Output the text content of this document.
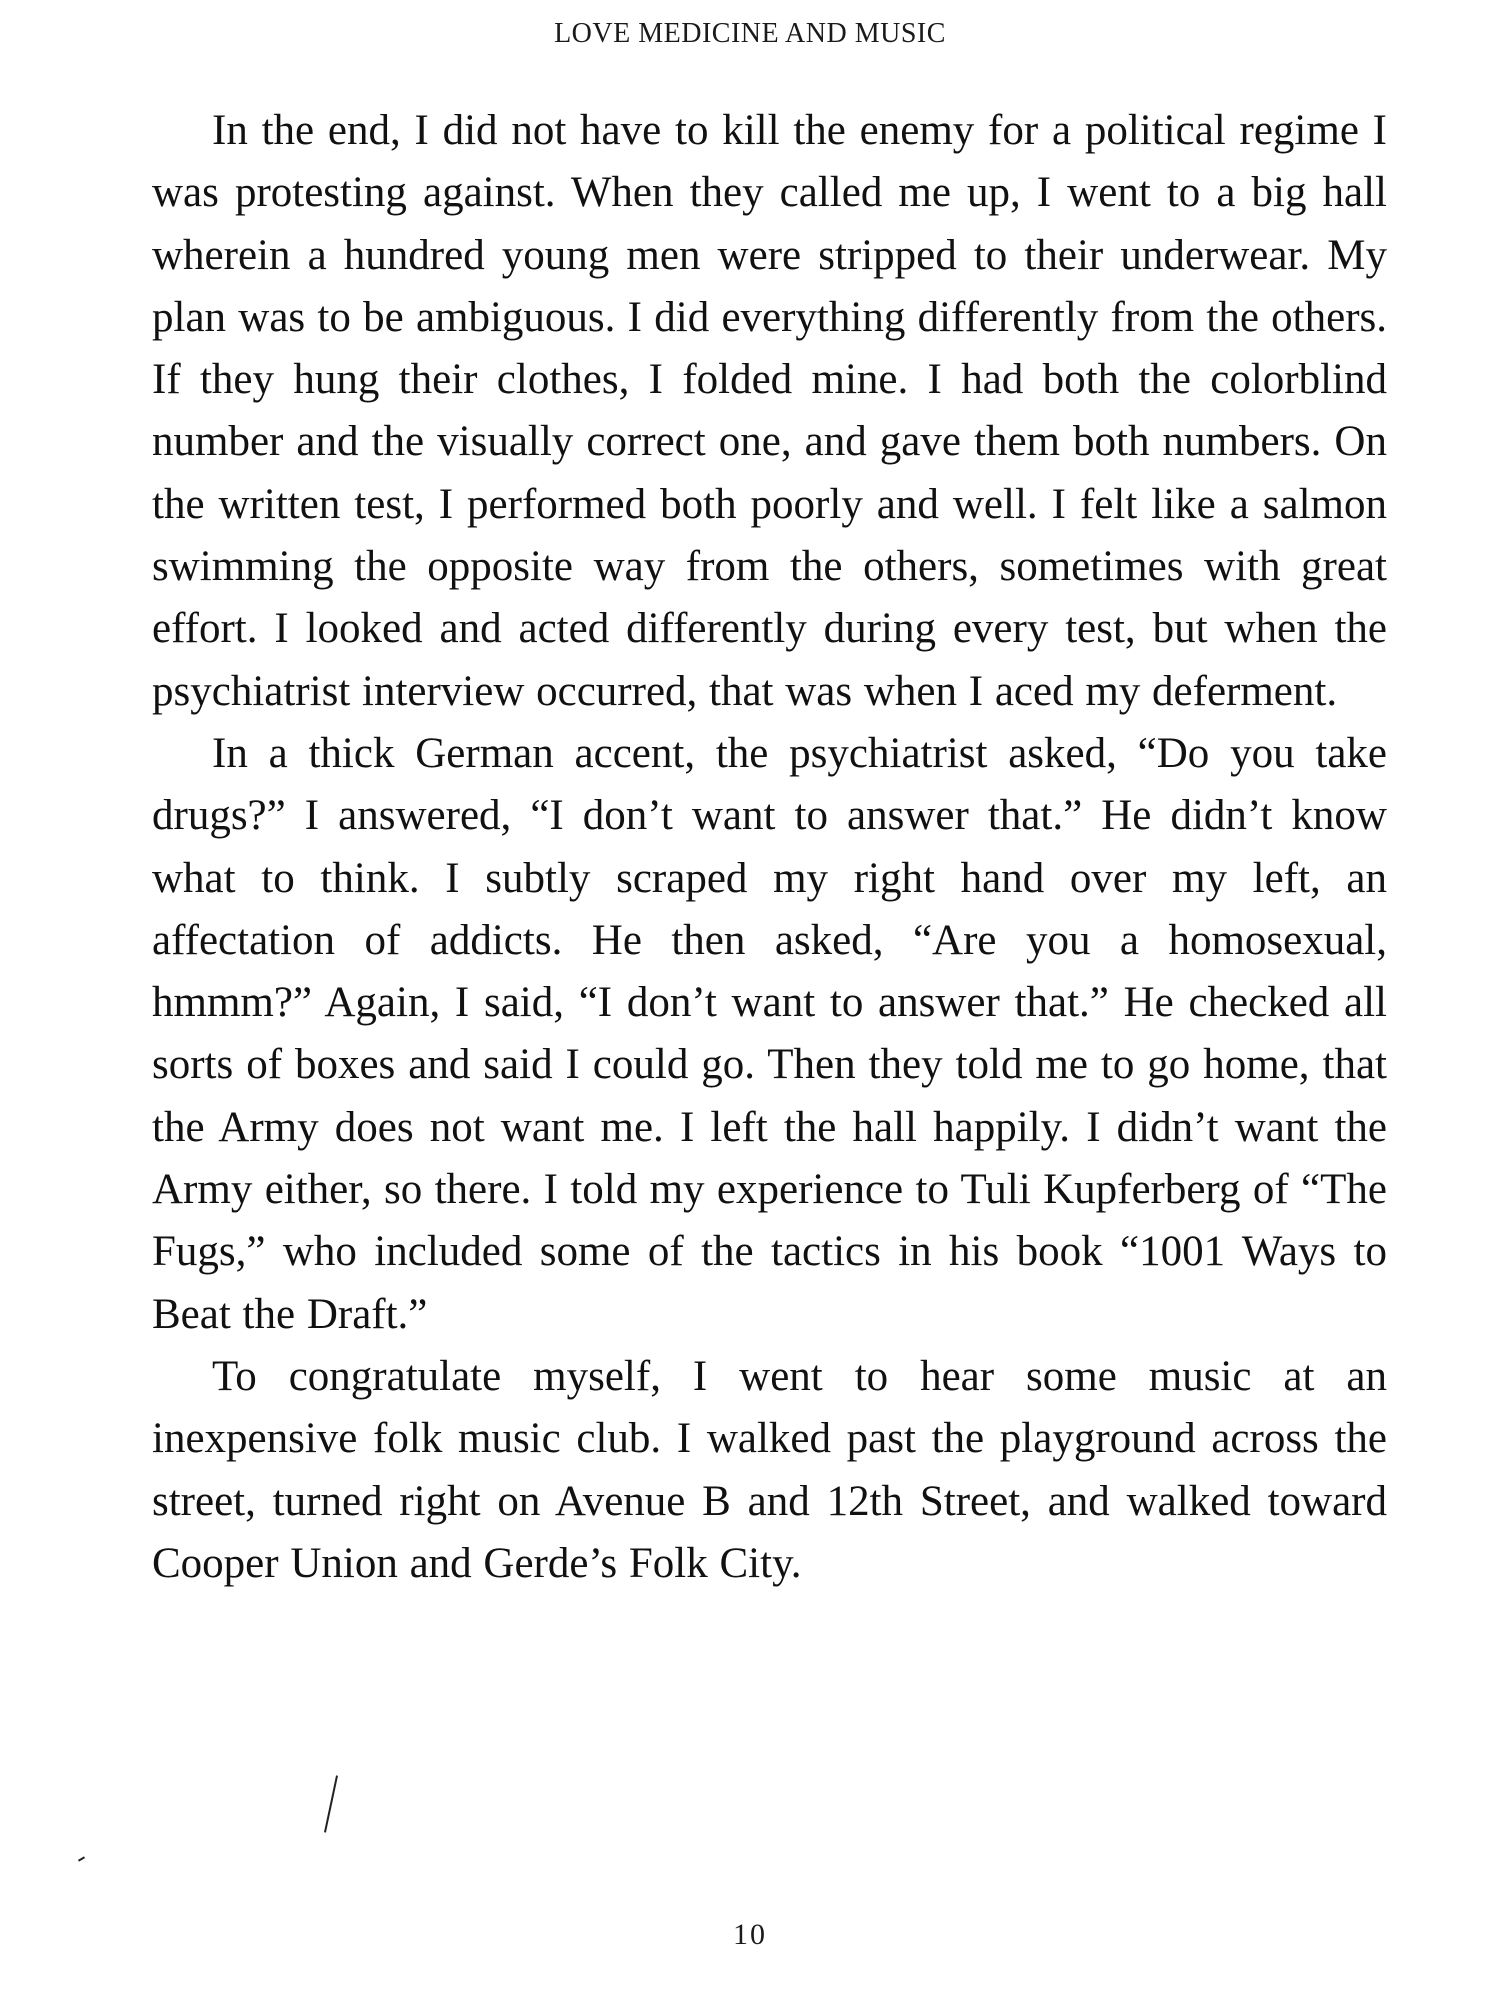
LOVE MEDICINE AND MUSIC

In the end, I did not have to kill the enemy for a political regime I was protesting against. When they called me up, I went to a big hall wherein a hundred young men were stripped to their underwear. My plan was to be ambiguous. I did everything differently from the others. If they hung their clothes, I folded mine. I had both the colorblind number and the visually correct one, and gave them both numbers. On the written test, I performed both poorly and well. I felt like a salmon swimming the opposite way from the others, sometimes with great effort. I looked and acted differently during every test, but when the psychiatrist interview occurred, that was when I aced my deferment.

In a thick German accent, the psychiatrist asked, “Do you take drugs?” I answered, “I don’t want to answer that.” He didn’t know what to think. I subtly scraped my right hand over my left, an affectation of addicts. He then asked, “Are you a homosexual, hmmm?” Again, I said, “I don’t want to answer that.” He checked all sorts of boxes and said I could go. Then they told me to go home, that the Army does not want me. I left the hall happily. I didn’t want the Army either, so there. I told my experience to Tuli Kupferberg of “The Fugs,” who included some of the tactics in his book “1001 Ways to Beat the Draft.”

To congratulate myself, I went to hear some music at an inexpensive folk music club. I walked past the playground across the street, turned right on Avenue B and 12th Street, and walked toward Cooper Union and Gerde’s Folk City.

10
